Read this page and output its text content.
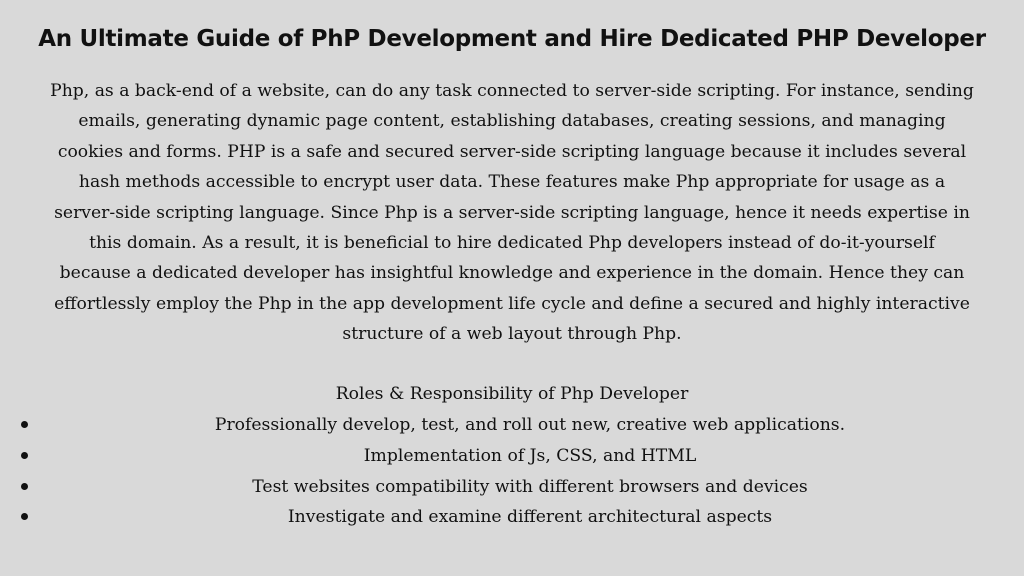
An Ultimate Guide of PhP Development and Hire Dedicated PHP Developer

Php, as a back-end of a website, can do any task connected to server-side scripting. For instance, sending
emails, generating dynamic page content, establishing databases, creating sessions, and managing
cookies and forms. PHP is a safe and secured server-side scripting language because it includes several
hash methods accessible to encrypt user data. These features make Php appropriate for usage as a
server-side scripting language. Since Php is a server-side scripting language, hence it needs expertise in
this domain. As a result, it is beneficial to hire dedicated Php developers instead of do-it-yourself
because a dedicated developer has insightful knowledge and experience in the domain. Hence they can
effortlessly employ the Php in the app development life cycle and define a secured and highly interactive
structure of a web layout through Php.

Roles & Responsibility of Php Developer

Professionally develop, test, and roll out new, creative web applications.
Implementation of Js, CSS, and HTML
Test websites compatibility with different browsers and devices
Investigate and examine different architectural aspects
